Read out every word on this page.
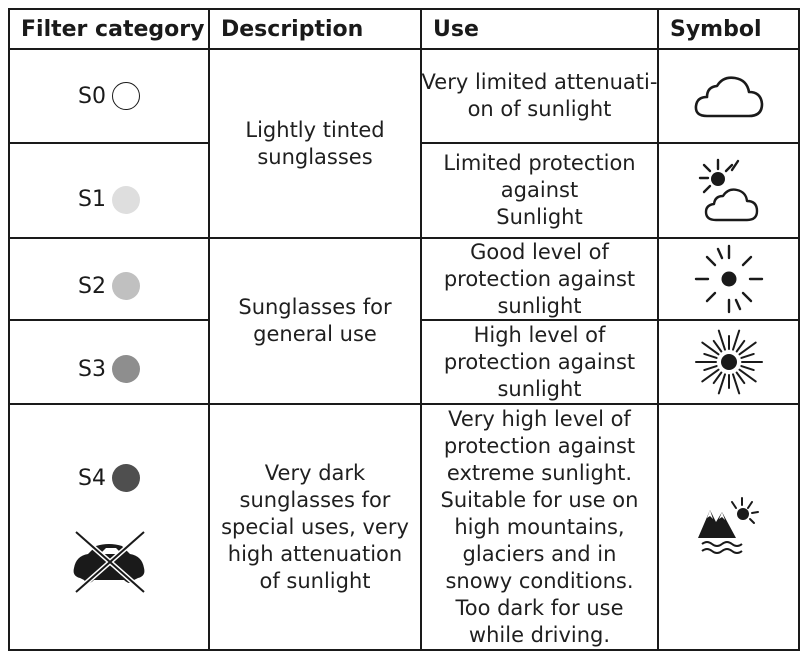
Filter category Description	Use	Symbol
S0
S1
S2
S3
S4
Lightly tinted
sunglasses
Sunglasses for
general use
Very dark
sunglasses for
special uses, very
high attenuation
of sunlight
Very limited attenuati-
on of sunlight
Limited protection
against
Sunlight
Good level of
protection against
sunlight
High level of
protection against
sunlight
Very high level of
protection against
extreme sunlight.
Suitable for use on
high mountains,
glaciers and in
snowy conditions.
Too dark for use
while driving.
